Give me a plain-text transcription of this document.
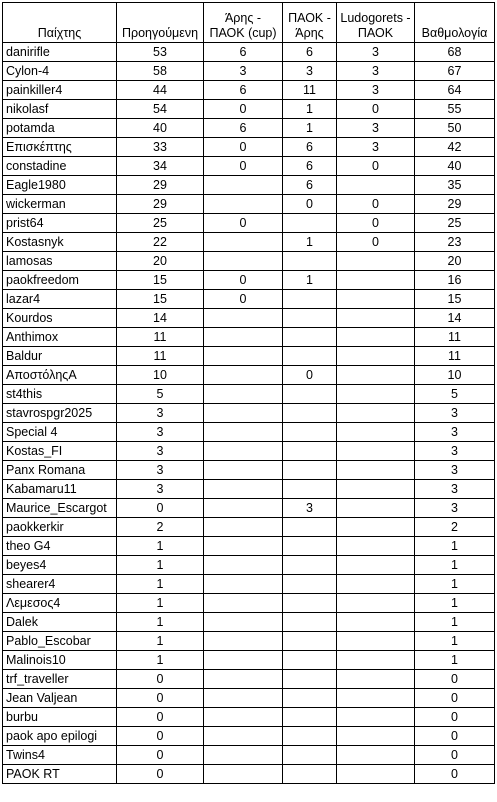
Παίχτης	Προηγούμενη	Άρης - ΠΑΟΚ (cup)	ΠΑΟΚ - Άρης	Ludogorets - ΠΑΟΚ	Βαθμολογία
danirifle	53	6	6	3	68
Cylon-4	58	3	3	3	67
painkiller4	44	6	11	3	64
nikolasf	54	0	1	0	55
potamda	40	6	1	3	50
Επισκέπτης	33	0	6	3	42
constadine	34	0	6	0	40
Eagle1980	29		6		35
wickerman	29		0	0	29
prist64	25	0		0	25
Kostasnyk	22		1	0	23
lamosas	20				20
paokfreedom	15	0	1		16
lazar4	15	0			15
Kourdos	14				14
Anthimox	11				11
Baldur	11				11
ΑποστόληςΑ	10		0		10
st4this	5				5
stavrospgr2025	3				3
Special 4	3				3
Kostas_FI	3				3
Panx Romana	3				3
Kabamaru11	3				3
Maurice_Escargot	0		3		3
paokkerkir	2				2
theo G4	1				1
beyes4	1				1
shearer4	1				1
Λεμεσος4	1				1
Dalek	1				1
Pablo_Escobar	1				1
Malinois10	1				1
trf_traveller	0				0
Jean Valjean	0				0
burbu	0				0
paok apo epilogi	0				0
Twins4	0				0
PAOK RT	0				0
